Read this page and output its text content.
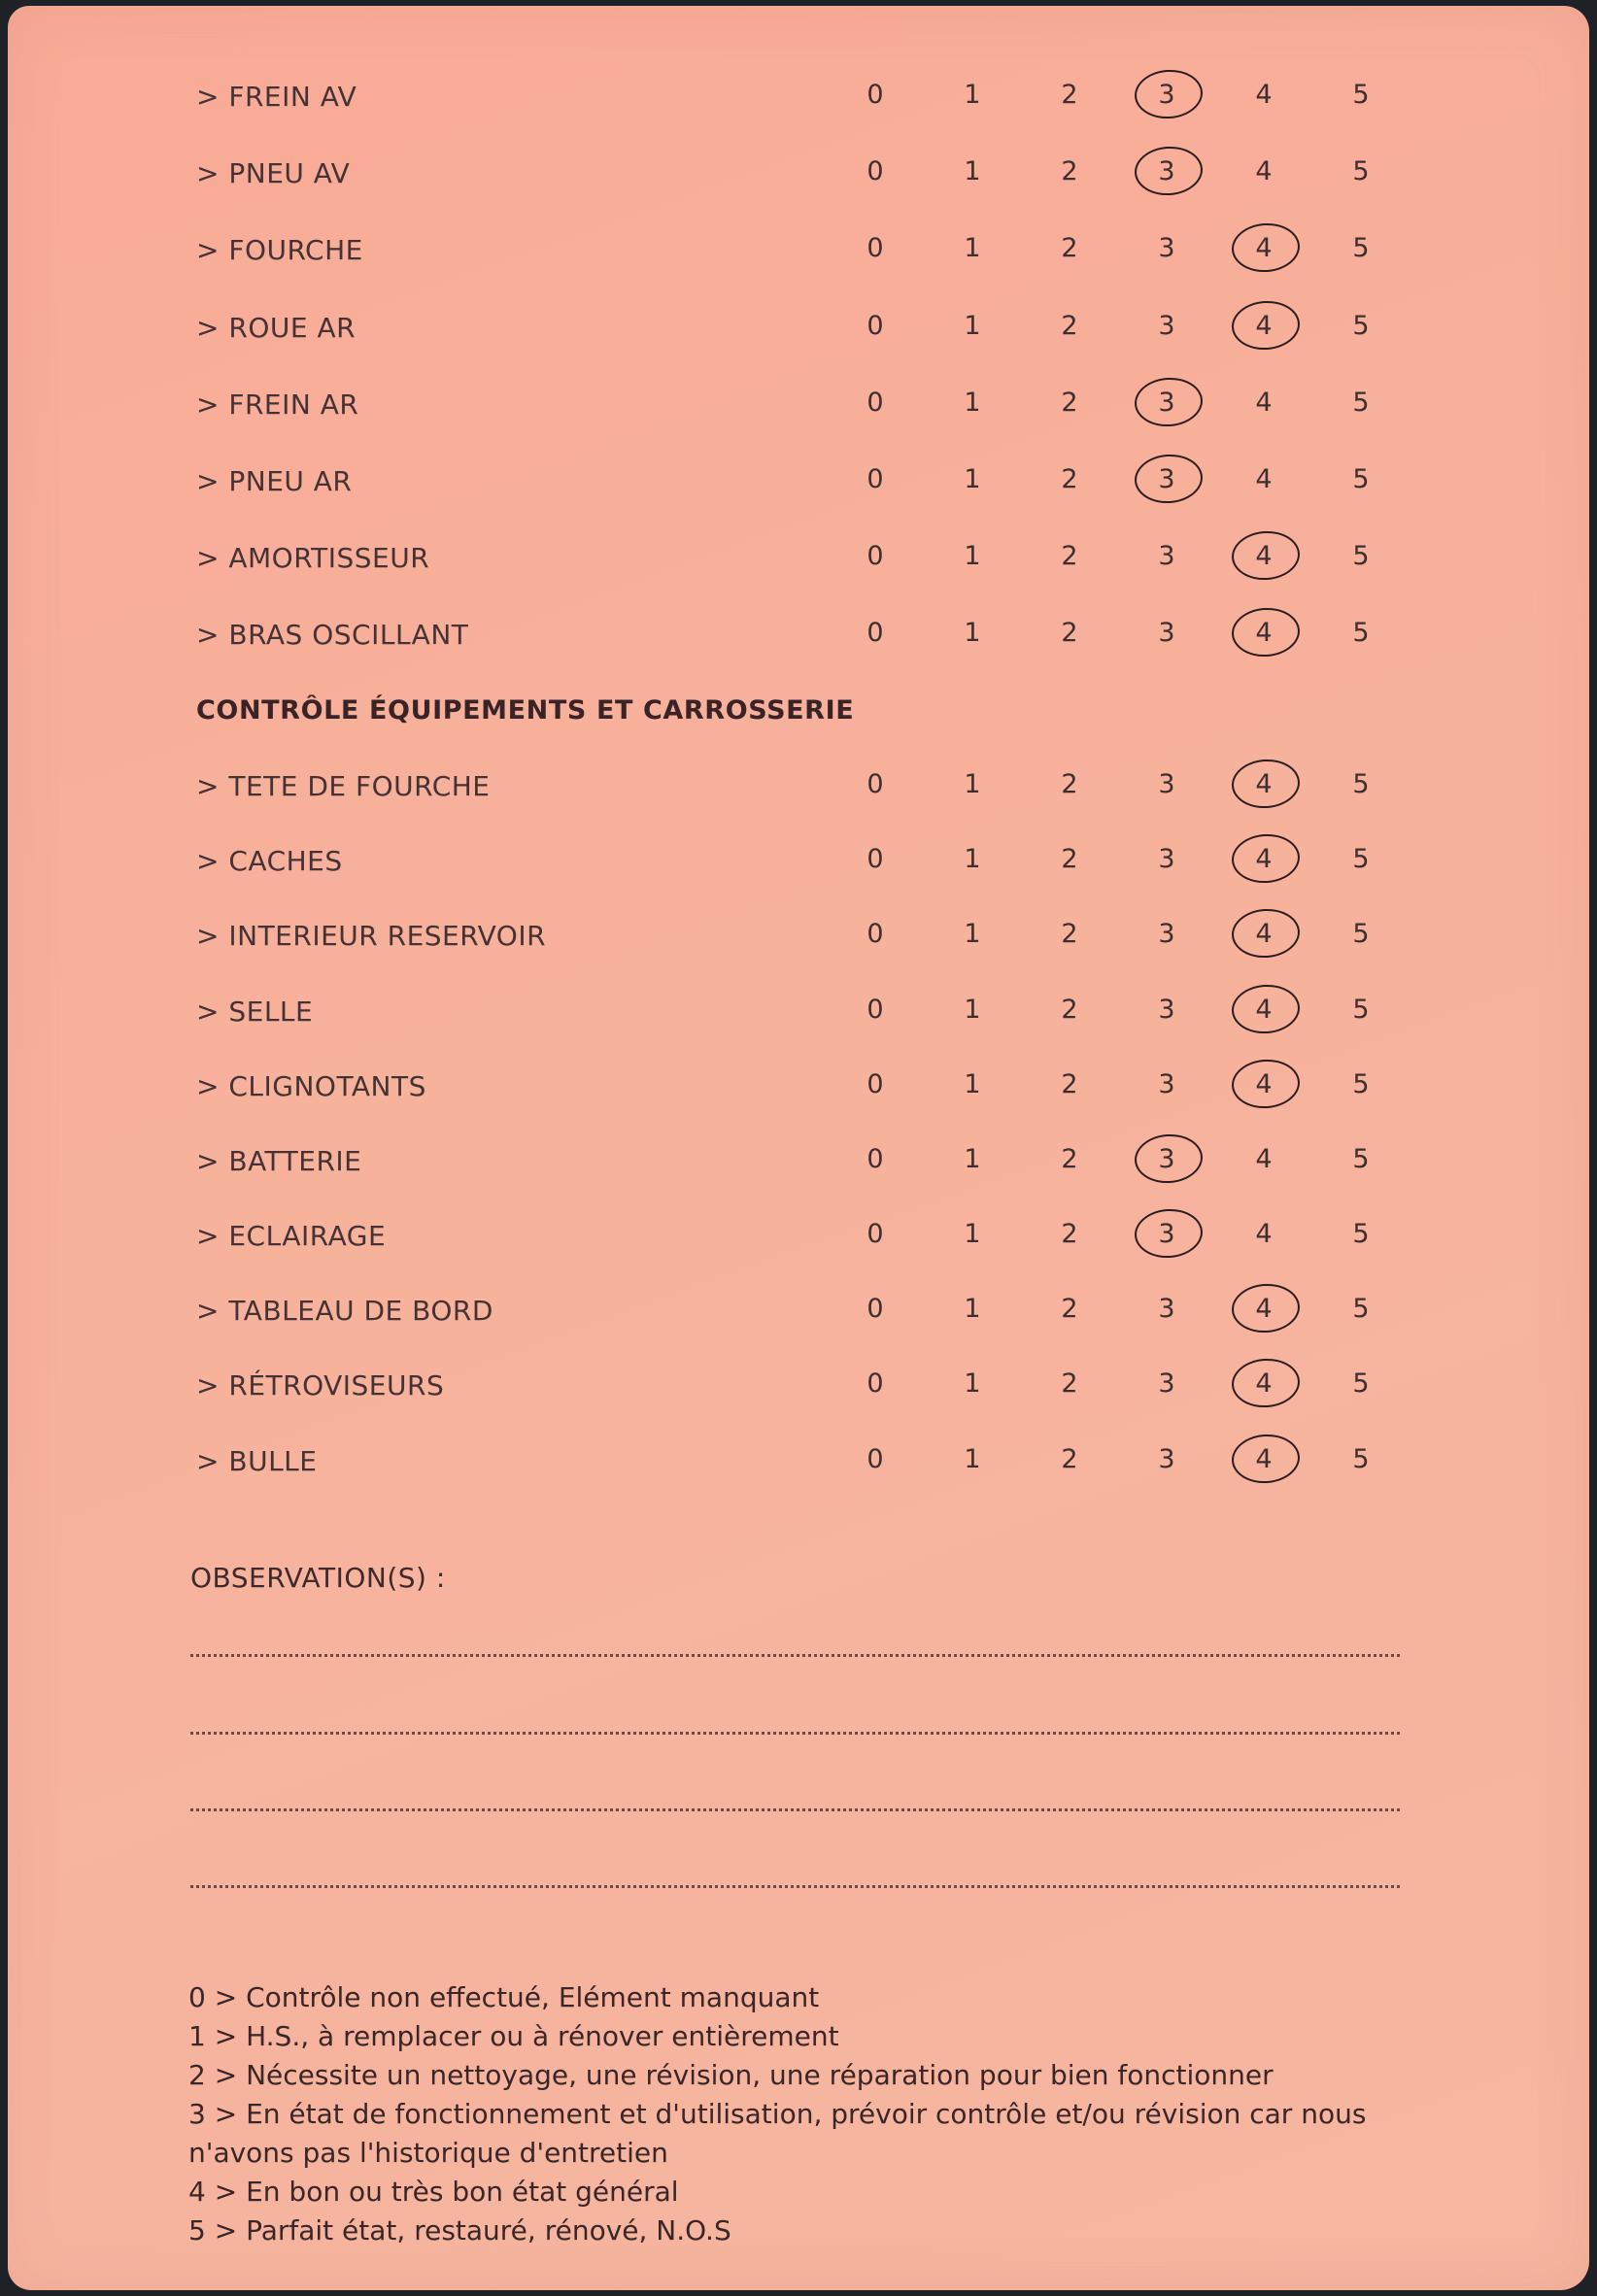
> FREIN AV	0	1	2	3	4	5
> PNEU AV	0	1	2	3	4	5
> FOURCHE	0	1	2	3	4	5
> ROUE AR	0	1	2	3	4	5
> FREIN AR	0	1	2	3	4	5
> PNEU AR	0	1	2	3	4	5
> AMORTISSEUR	0	1	2	3	4	5
> BRAS OSCILLANT	0	1	2	3	4	5
> TETE DE FOURCHE	0	1	2	3	4	5
> CACHES	0	1	2	3	4	5
> INTERIEUR RESERVOIR	0	1	2	3	4	5
> SELLE	0	1	2	3	4	5
> CLIGNOTANTS	0	1	2	3	4	5
> BATTERIE	0	1	2	3	4	5
> ECLAIRAGE	0	1	2	3	4	5
> TABLEAU DE BORD	0	1	2	3	4	5
> RÉTROVISEURS	0	1	2	3	4	5
> BULLE	0	1	2	3	4	5
CONTRÔLE ÉQUIPEMENTS ET CARROSSERIE
OBSERVATION(S) :
0 > Contrôle non effectué, Elément manquant
1 > H.S., à remplacer ou à rénover entièrement
2 > Nécessite un nettoyage, une révision, une réparation pour bien fonctionner
3 > En état de fonctionnement et d'utilisation, prévoir contrôle et/ou révision car nous
n'avons pas l'historique d'entretien
4 > En bon ou très bon état général
5 > Parfait état, restauré, rénové, N.O.S
